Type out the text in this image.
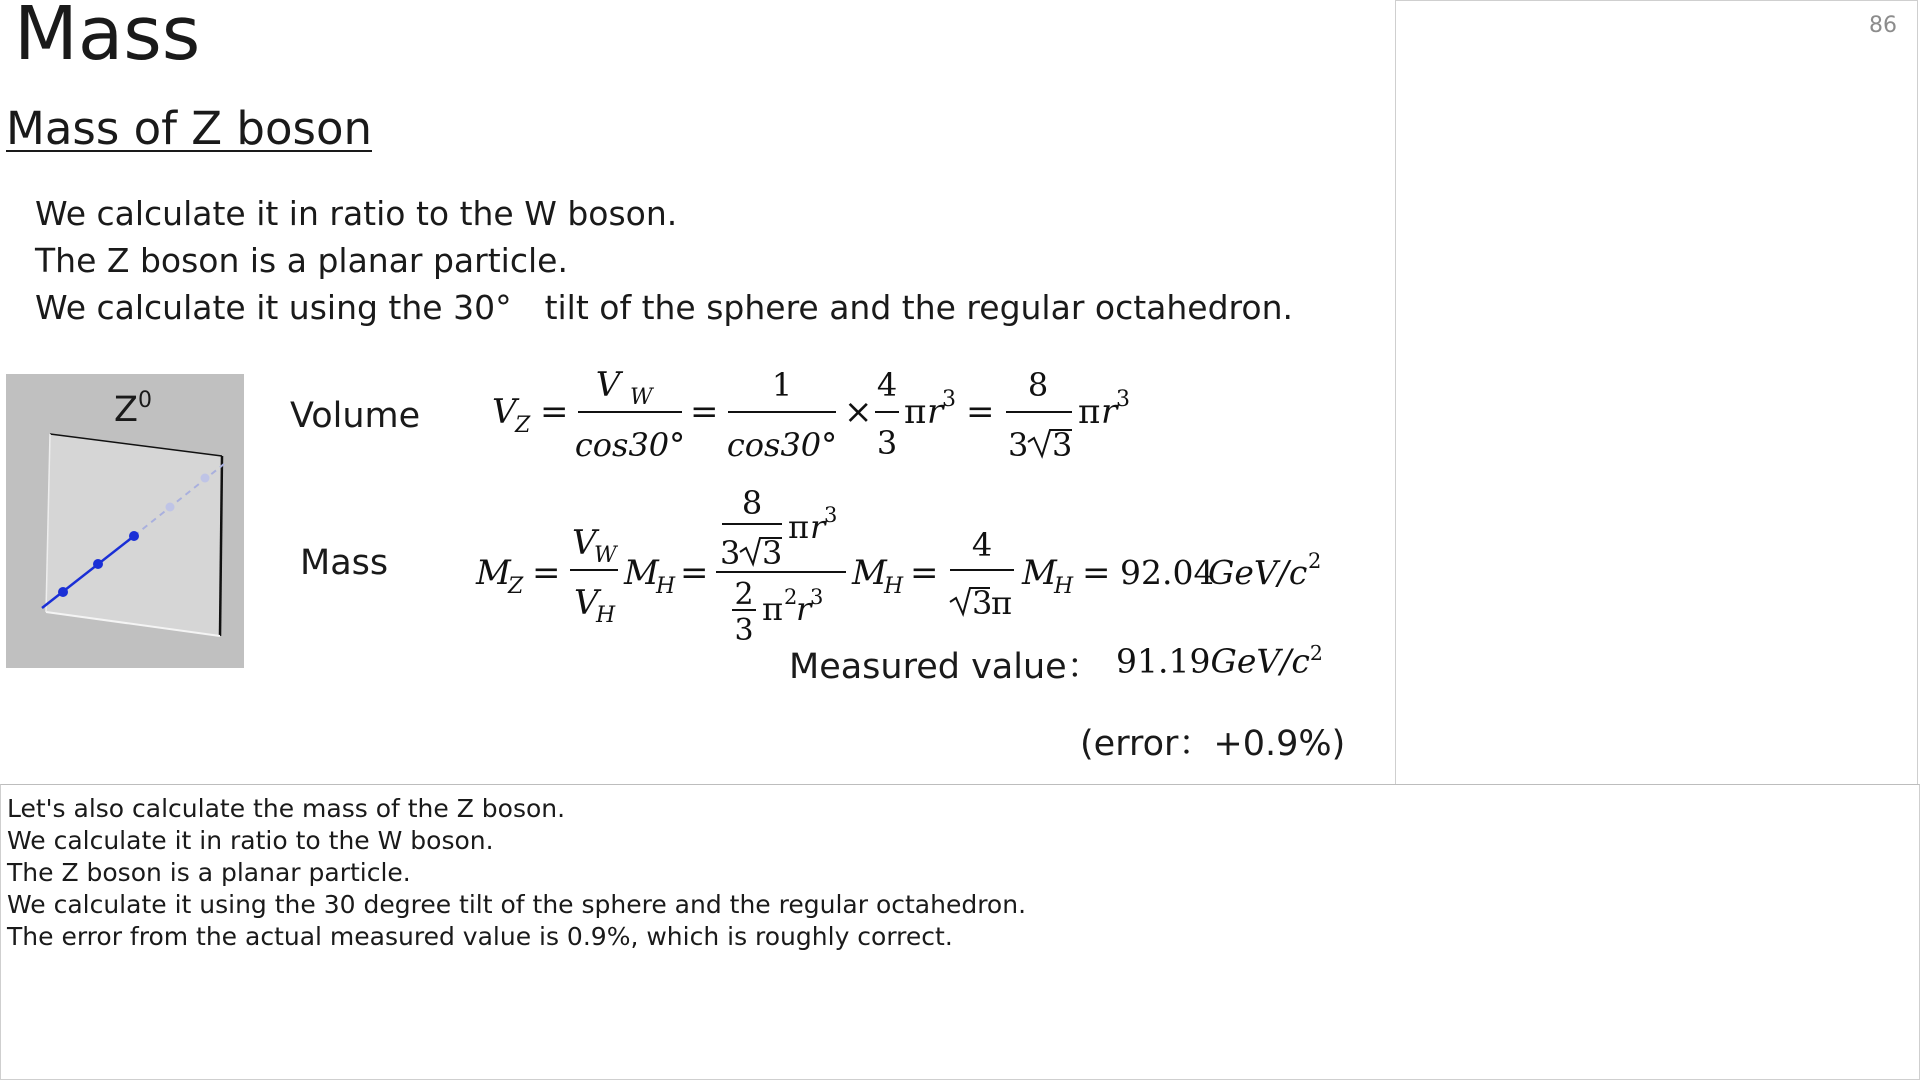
Mass	86
Mass of Z boson
We calculate it in ratio to the W boson.
The Z boson is a planar particle.
We calculate it using the 30°　tilt of the sphere and the regular octahedron.
$Z^0$	Volume
Mass
V
Z =
V W
cos30°
=
1
cos30°
×
4
3
π r
3 =
8
3 3
π r
3
M
Z =
V
W
V
H
M
H =
8
3 3
π r
3
2
3
π 2
r
3
M
H =
4
3
π
M
H = 92.04
GeV/c 2
Measured value： $91.19GeV/c^2$
(error：+0.9%)
Let's also calculate the mass of the Z boson.
We calculate it in ratio to the W boson.
The Z boson is a planar particle.
We calculate it using the 30 degree tilt of the sphere and the regular octahedron.
The error from the actual measured value is 0.9%, which is roughly correct.
